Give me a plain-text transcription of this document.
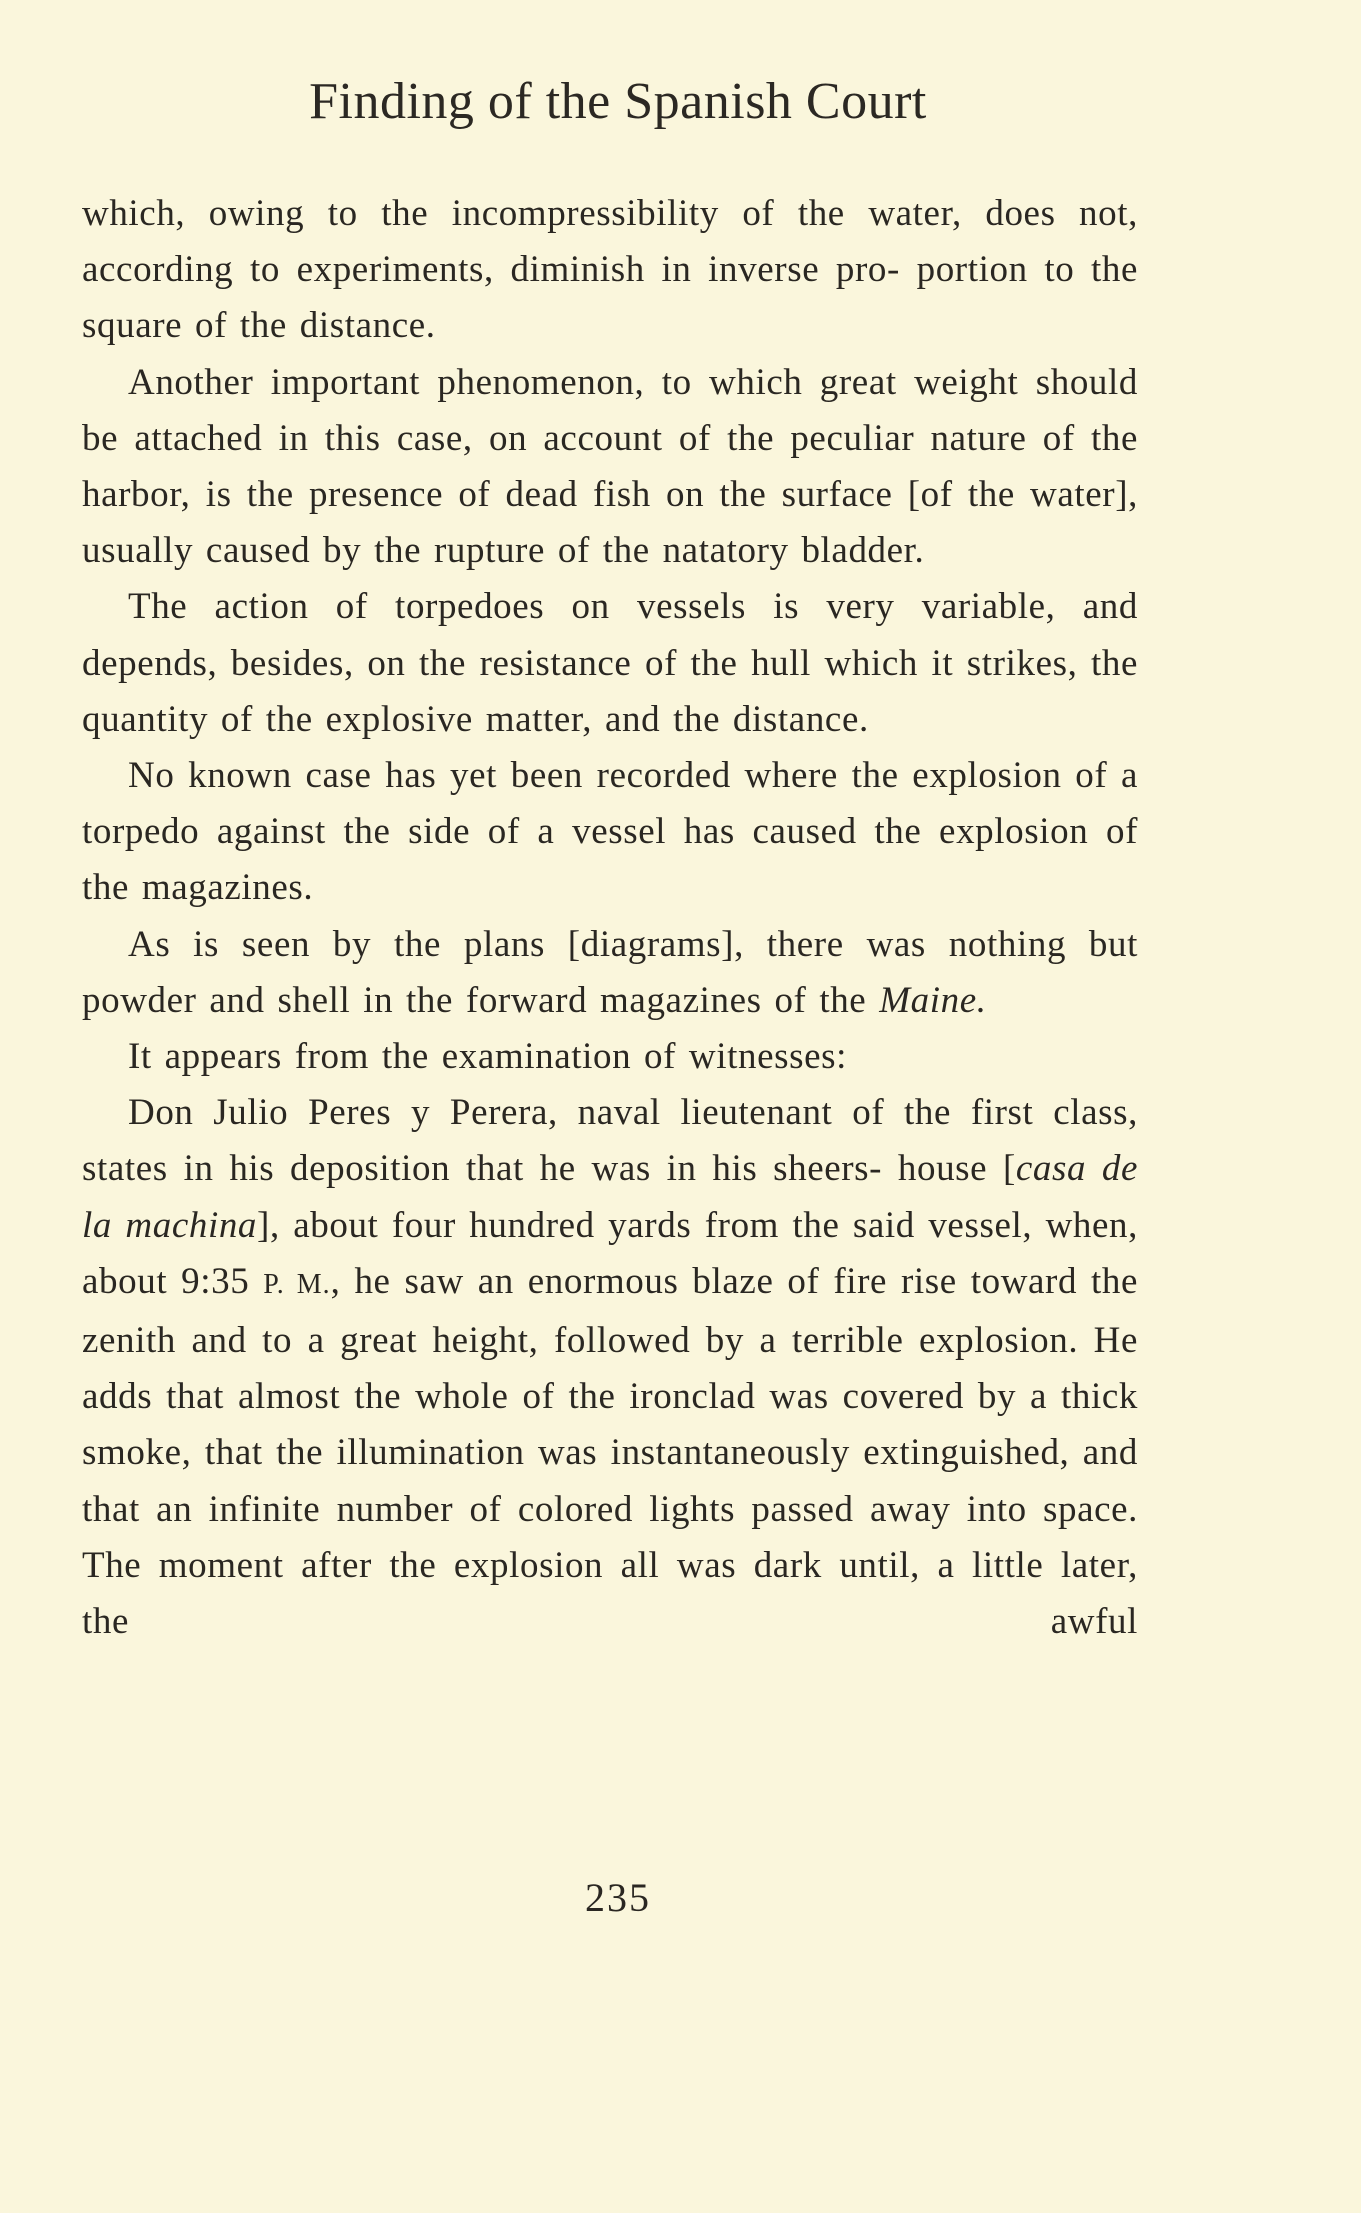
Finding of the Spanish Court

which, owing to the incompressibility of the water, does not, according to experiments, diminish in inverse pro- portion to the square of the distance.

Another important phenomenon, to which great weight should be attached in this case, on account of the peculiar nature of the harbor, is the presence of dead fish on the surface [of the water], usually caused by the rupture of the natatory bladder.

The action of torpedoes on vessels is very variable, and depends, besides, on the resistance of the hull which it strikes, the quantity of the explosive matter, and the distance.

No known case has yet been recorded where the explosion of a torpedo against the side of a vessel has caused the explosion of the magazines.

As is seen by the plans [diagrams], there was nothing but powder and shell in the forward magazines of the Maine.

It appears from the examination of witnesses:

Don Julio Peres y Perera, naval lieutenant of the first class, states in his deposition that he was in his sheers- house [casa de la machina], about four hundred yards from the said vessel, when, about 9:35 P. M., he saw an enormous blaze of fire rise toward the zenith and to a great height, followed by a terrible explosion. He adds that almost the whole of the ironclad was covered by a thick smoke, that the illumination was instantaneously extinguished, and that an infinite number of colored lights passed away into space. The moment after the explosion all was dark until, a little later, the awful

235
